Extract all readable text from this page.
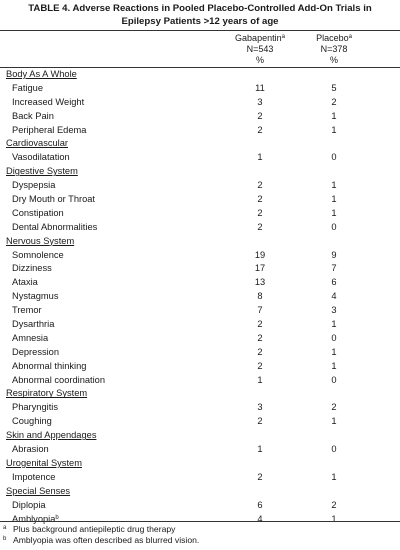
TABLE 4. Adverse Reactions in Pooled Placebo-Controlled Add-On Trials in
Epilepsy Patients >12 years of age
Gabapentin$^a$
N=543
%
Placebo$^a$
N=378
%
Body As A Whole
Fatigue	11	5
Increased Weight	3	2
Back Pain	2	1
Peripheral Edema	2	1
Cardiovascular
Vasodilatation	1	0
Digestive System
Dyspepsia	2	1
Dry Mouth or Throat	2	1
Constipation	2	1
Dental Abnormalities	2	0
Nervous System
Somnolence	19	9
Dizziness	17	7
Ataxia	13	6
Nystagmus	8	4
Tremor	7	3
Dysarthria	2	1
Amnesia	2	0
Depression	2	1
Abnormal thinking	2	1
Abnormal coordination	1	0
Respiratory System
Pharyngitis	3	2
Coughing	2	1
Skin and Appendages
Abrasion	1	0
Urogenital System
Impotence	2	1
Special Senses
Diplopia	6	2
Amblyopia$^b$	4	1
$^a$ Plus background antiepileptic drug therapy
$^b$ Amblyopia was often described as blurred vision.
